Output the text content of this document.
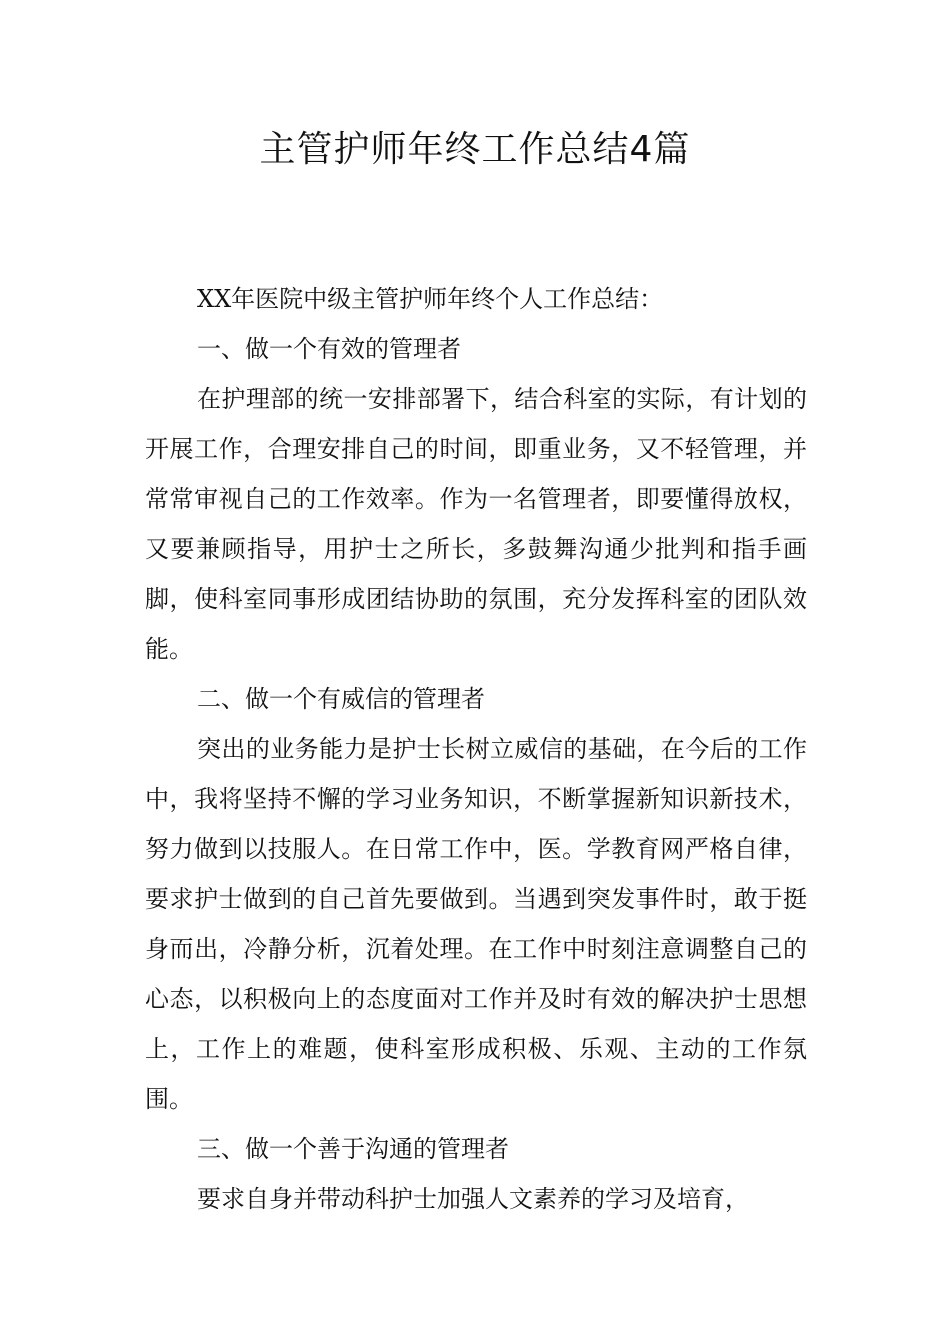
主管护师年终工作总结4篇

XX年医院中级主管护师年终个人工作总结：

一、做一个有效的管理者

在护理部的统一安排部署下，结合科室的实际，有计划的开展工作，合理安排自己的时间，即重业务，又不轻管理，并常常审视自己的工作效率。作为一名管理者，即要懂得放权，又要兼顾指导，用护士之所长，多鼓舞沟通少批判和指手画脚，使科室同事形成团结协助的氛围，充分发挥科室的团队效能。

二、做一个有威信的管理者

突出的业务能力是护士长树立威信的基础，在今后的工作中，我将坚持不懈的学习业务知识，不断掌握新知识新技术，努力做到以技服人。在日常工作中，医。学教育网严格自律，要求护士做到的自己首先要做到。当遇到突发事件时，敢于挺身而出，冷静分析，沉着处理。在工作中时刻注意调整自己的心态，以积极向上的态度面对工作并及时有效的解决护士思想上，工作上的难题，使科室形成积极、乐观、主动的工作氛围。

三、做一个善于沟通的管理者

要求自身并带动科护士加强人文素养的学习及培育，
